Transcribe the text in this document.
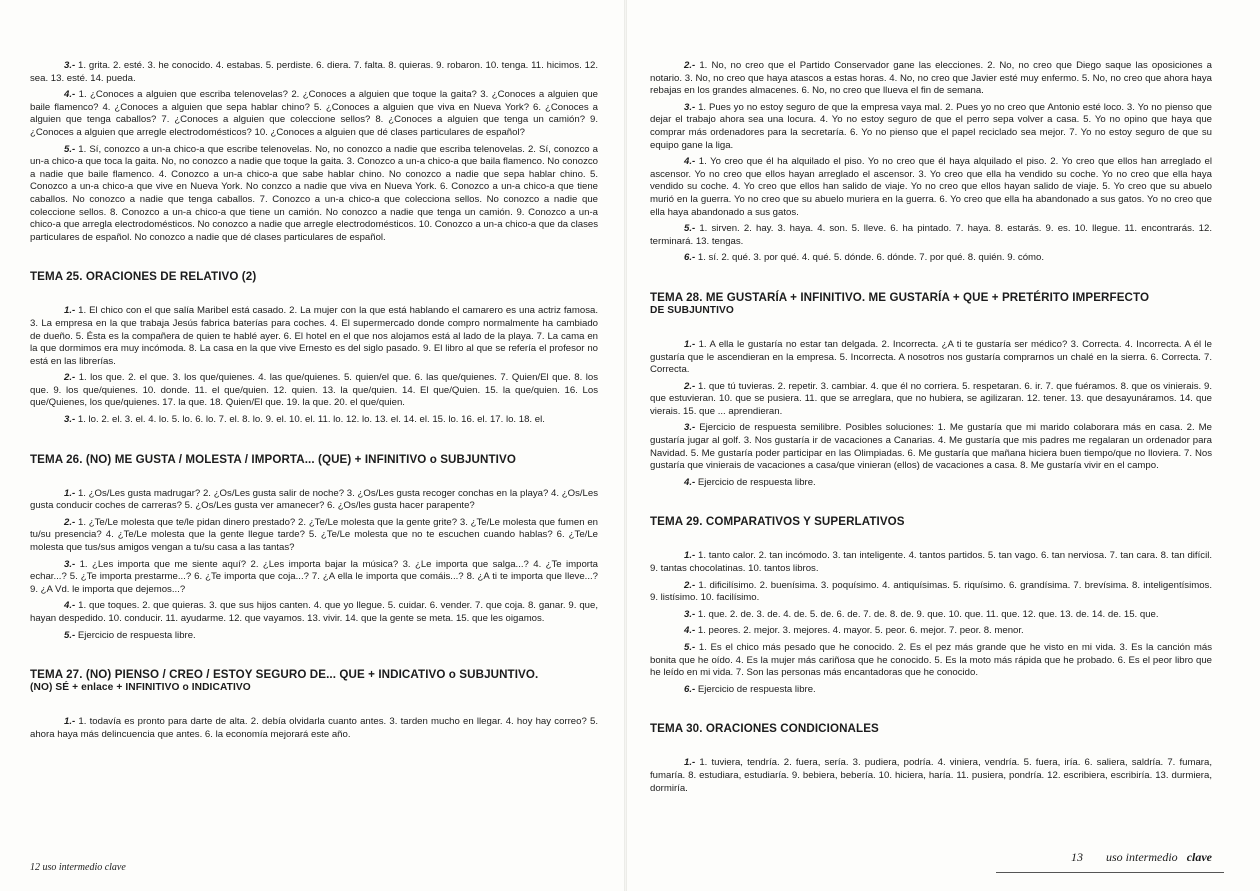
3.- 1. grita. 2. esté. 3. he conocido. 4. estabas. 5. perdiste. 6. diera. 7. falta. 8. quieras. 9. robaron. 10. tenga. 11. hicimos. 12. sea. 13. esté. 14. pueda.

4.- 1. ¿Conoces a alguien que escriba telenovelas? 2. ¿Conoces a alguien que toque la gaita? 3. ¿Conoces a alguien que baile flamenco? 4. ¿Conoces a alguien que sepa hablar chino? 5. ¿Conoces a alguien que viva en Nueva York? 6. ¿Conoces a alguien que tenga caballos? 7. ¿Conoces a alguien que coleccione sellos? 8. ¿Conoces a alguien que tenga un camión? 9. ¿Conoces a alguien que arregle electrodomésticos? 10. ¿Conoces a alguien que dé clases particulares de español?

5.- 1. Sí, conozco a un-a chico-a que escribe telenovelas. No, no conozco a nadie que escriba telenovelas. 2. Sí, conozco a un-a chico-a que toca la gaita. No, no conozco a nadie que toque la gaita. 3. Conozco a un-a chico-a que baila flamenco. No conozco a nadie que baile flamenco. 4. Conozco a un-a chico-a que sabe hablar chino. No conozco a nadie que sepa hablar chino. 5. Conozco a un-a chico-a que vive en Nueva York. No conzco a nadie que viva en Nueva York. 6. Conozco a un-a chico-a que tiene caballos. No conozco a nadie que tenga caballos. 7. Conozco a un-a chico-a que colecciona sellos. No conozco a nadie que coleccione sellos. 8. Conozco a un-a chico-a que tiene un camión. No conozco a nadie que tenga un camión. 9. Conozco a un-a chico-a que arregla electrodomésticos. No conozco a nadie que arregle electrodomésticos. 10. Conozco a un-a chico-a que da clases particulares de español. No conozco a nadie que dé clases particulares de español.

TEMA 25. ORACIONES DE RELATIVO (2)

1.- 1. El chico con el que salía Maribel está casado. 2. La mujer con la que está hablando el camarero es una actriz famosa. 3. La empresa en la que trabaja Jesús fabrica baterías para coches. 4. El supermercado donde compro normalmente ha cambiado de dueño. 5. Ésta es la compañera de quien te hablé ayer. 6. El hotel en el que nos alojamos está al lado de la playa. 7. La cama en la que dormimos era muy incómoda. 8. La casa en la que vive Ernesto es del siglo pasado. 9. El libro al que se refería el profesor no está en las librerías.

2.- 1. los que. 2. el que. 3. los que/quienes. 4. las que/quienes. 5. quien/el que. 6. las que/quienes. 7. Quien/El que. 8. los que. 9. los que/quienes. 10. donde. 11. el que/quien. 12. quien. 13. la que/quien. 14. El que/Quien. 15. la que/quien. 16. Los que/Quienes, los que/quienes. 17. la que. 18. Quien/El que. 19. la que. 20. el que/quien.

3.- 1. lo. 2. el. 3. el. 4. lo. 5. lo. 6. lo. 7. el. 8. lo. 9. el. 10. el. 11. lo. 12. lo. 13. el. 14. el. 15. lo. 16. el. 17. lo. 18. el.

TEMA 26. (NO) ME GUSTA / MOLESTA / IMPORTA... (QUE) + INFINITIVO o SUBJUNTIVO

1.- 1. ¿Os/Les gusta madrugar? 2. ¿Os/Les gusta salir de noche? 3. ¿Os/Les gusta recoger conchas en la playa? 4. ¿Os/Les gusta conducir coches de carreras? 5. ¿Os/Les gusta ver amanecer? 6. ¿Os/les gusta hacer parapente?

2.- 1. ¿Te/Le molesta que te/le pidan dinero prestado? 2. ¿Te/Le molesta que la gente grite? 3. ¿Te/Le molesta que fumen en tu/su presencia? 4. ¿Te/Le molesta que la gente llegue tarde? 5. ¿Te/Le molesta que no te escuchen cuando hablas? 6. ¿Te/Le molesta que tus/sus amigos vengan a tu/su casa a las tantas?

3.- 1. ¿Les importa que me siente aquí? 2. ¿Les importa bajar la música? 3. ¿Le importa que salga...? 4. ¿Te importa echar...? 5. ¿Te importa prestarme...? 6. ¿Te importa que coja...? 7. ¿A ella le importa que comáis...? 8. ¿A ti te importa que lleve...? 9. ¿A Vd. le importa que dejemos...?

4.- 1. que toques. 2. que quieras. 3. que sus hijos canten. 4. que yo llegue. 5. cuidar. 6. vender. 7. que coja. 8. ganar. 9. que, hayan despedido. 10. conducir. 11. ayudarme. 12. que vayamos. 13. vivir. 14. que la gente se meta. 15. que les oigamos.

5.- Ejercicio de respuesta libre.

TEMA 27. (NO) PIENSO / CREO / ESTOY SEGURO DE... QUE + INDICATIVO o SUBJUNTIVO.
(NO) SÉ + enlace + INFINITIVO o INDICATIVO

1.- 1. todavía es pronto para darte de alta. 2. debía olvidarla cuanto antes. 3. tarden mucho en llegar. 4. hoy hay correo? 5. ahora haya más delincuencia que antes. 6. la economía mejorará este año.

12 uso intermedio clave

2.- 1. No, no creo que el Partido Conservador gane las elecciones. 2. No, no creo que Diego saque las oposiciones a notario. 3. No, no creo que haya atascos a estas horas. 4. No, no creo que Javier esté muy enfermo. 5. No, no creo que ahora haya rebajas en los grandes almacenes. 6. No, no creo que llueva el fin de semana.

3.- 1. Pues yo no estoy seguro de que la empresa vaya mal. 2. Pues yo no creo que Antonio esté loco. 3. Yo no pienso que dejar el trabajo ahora sea una locura. 4. Yo no estoy seguro de que el perro sepa volver a casa. 5. Yo no opino que haya que comprar más ordenadores para la secretaría. 6. Yo no pienso que el papel reciclado sea mejor. 7. Yo no estoy seguro de que su equipo gane la liga.

4.- 1. Yo creo que él ha alquilado el piso. Yo no creo que él haya alquilado el piso. 2. Yo creo que ellos han arreglado el ascensor. Yo no creo que ellos hayan arreglado el ascensor. 3. Yo creo que ella ha vendido su coche. Yo no creo que ella haya vendido su coche. 4. Yo creo que ellos han salido de viaje. Yo no creo que ellos hayan salido de viaje. 5. Yo creo que su abuelo murió en la guerra. Yo no creo que su abuelo muriera en la guerra. 6. Yo creo que ella ha abandonado a sus gatos. Yo no creo que ella haya abandonado a sus gatos.

5.- 1. sirven. 2. hay. 3. haya. 4. son. 5. lleve. 6. ha pintado. 7. haya. 8. estarás. 9. es. 10. llegue. 11. encontrarás. 12. terminará. 13. tengas.

6.- 1. sí. 2. qué. 3. por qué. 4. qué. 5. dónde. 6. dónde. 7. por qué. 8. quién. 9. cómo.

TEMA 28. ME GUSTARÍA + INFINITIVO. ME GUSTARÍA + QUE + PRETÉRITO IMPERFECTO
DE SUBJUNTIVO

1.- 1. A ella le gustaría no estar tan delgada. 2. Incorrecta. ¿A ti te gustaría ser médico? 3. Correcta. 4. Incorrecta. A él le gustaría que le ascendieran en la empresa. 5. Incorrecta. A nosotros nos gustaría comprarnos un chalé en la sierra. 6. Correcta. 7. Correcta.

2.- 1. que tú tuvieras. 2. repetir. 3. cambiar. 4. que él no corriera. 5. respetaran. 6. ir. 7. que fuéramos. 8. que os vinierais. 9. que estuvieran. 10. que se pusiera. 11. que se arreglara, que no hubiera, se agilizaran. 12. tener. 13. que desayunáramos. 14. que vierais. 15. que ... aprendieran.

3.- Ejercicio de respuesta semilibre. Posibles soluciones: 1. Me gustaría que mi marido colaborara más en casa. 2. Me gustaría jugar al golf. 3. Nos gustaría ir de vacaciones a Canarias. 4. Me gustaría que mis padres me regalaran un ordenador para Navidad. 5. Me gustaría poder participar en las Olimpiadas. 6. Me gustaría que mañana hiciera buen tiempo/que no lloviera. 7. Nos gustaría que vinierais de vacaciones a casa/que vinieran (ellos) de vacaciones a casa. 8. Me gustaría vivir en el campo.

4.- Ejercicio de respuesta libre.

TEMA 29. COMPARATIVOS Y SUPERLATIVOS

1.- 1. tanto calor. 2. tan incómodo. 3. tan inteligente. 4. tantos partidos. 5. tan vago. 6. tan nerviosa. 7. tan cara. 8. tan difícil. 9. tantas chocolatinas. 10. tantos libros.

2.- 1. dificilísimo. 2. buenísima. 3. poquísimo. 4. antiquísimas. 5. riquísimo. 6. grandísima. 7. brevísima. 8. inteligentísimos. 9. listísimo. 10. facilísimo.

3.- 1. que. 2. de. 3. de. 4. de. 5. de. 6. de. 7. de. 8. de. 9. que. 10. que. 11. que. 12. que. 13. de. 14. de. 15. que.

4.- 1. peores. 2. mejor. 3. mejores. 4. mayor. 5. peor. 6. mejor. 7. peor. 8. menor.

5.- 1. Es el chico más pesado que he conocido. 2. Es el pez más grande que he visto en mi vida. 3. Es la canción más bonita que he oído. 4. Es la mujer más cariñosa que he conocido. 5. Es la moto más rápida que he probado. 6. Es el peor libro que he leído en mi vida. 7. Son las personas más encantadoras que he conocido.

6.- Ejercicio de respuesta libre.

TEMA 30. ORACIONES CONDICIONALES

1.- 1. tuviera, tendría. 2. fuera, sería. 3. pudiera, podría. 4. viniera, vendría. 5. fuera, iría. 6. saliera, saldría. 7. fumara, fumaría. 8. estudiara, estudiaría. 9. bebiera, bebería. 10. hiciera, haría. 11. pusiera, pondría. 12. escribiera, escribiría. 13. durmiera, dormiría.

13 uso intermedio clave
